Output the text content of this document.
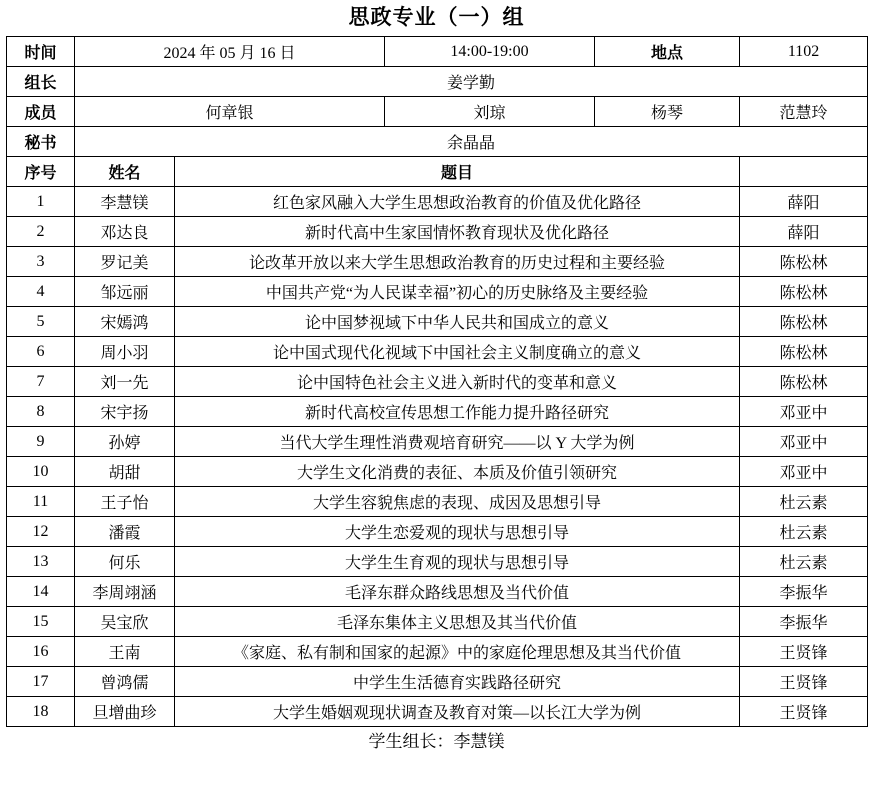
思政专业（一）组
时间	2024 年 05 月 16 日		14:00-19:00	地点	1102
组长	姜学勤				
成员	何章银		刘琼	杨琴	范慧玲
秘书	余晶晶				
序号	姓名	题目			
1	李慧镁	红色家风融入大学生思想政治教育的价值及优化路径			薛阳
2	邓达良	新时代高中生家国情怀教育现状及优化路径			薛阳
3	罗记美	论改革开放以来大学生思想政治教育的历史过程和主要经验			陈松林
4	邹远丽	中国共产党“为人民谋幸福”初心的历史脉络及主要经验			陈松林
5	宋嫣鸿	论中国梦视域下中华人民共和国成立的意义			陈松林
6	周小羽	论中国式现代化视域下中国社会主义制度确立的意义			陈松林
7	刘一先	论中国特色社会主义进入新时代的变革和意义			陈松林
8	宋宇扬	新时代高校宣传思想工作能力提升路径研究			邓亚中
9	孙婷	当代大学生理性消费观培育研究——以 Y 大学为例			邓亚中
10	胡甜	大学生文化消费的表征、本质及价值引领研究			邓亚中
11	王子怡	大学生容貌焦虑的表现、成因及思想引导			杜云素
12	潘霞	大学生恋爱观的现状与思想引导			杜云素
13	何乐	大学生生育观的现状与思想引导			杜云素
14	李周翊涵	毛泽东群众路线思想及当代价值			李振华
15	吴宝欣	毛泽东集体主义思想及其当代价值			李振华
16	王南	《家庭、私有制和国家的起源》中的家庭伦理思想及其当代价值			王贤锋
17	曾鸿儒	中学生生活德育实践路径研究			王贤锋
18	旦增曲珍	大学生婚姻观现状调查及教育对策—以长江大学为例			王贤锋
学生组长：李慧镁
